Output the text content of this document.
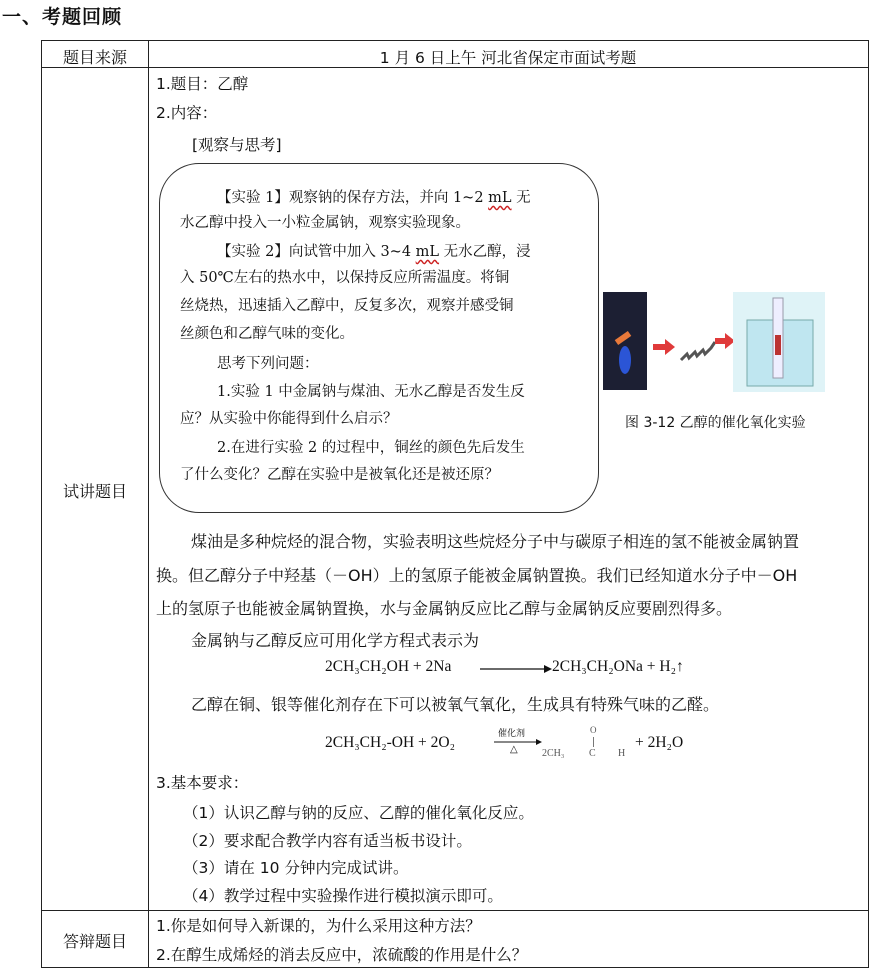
一、考题回顾
题目来源	1 月 6 日上午 河北省保定市面试考题
试讲题目
答辩题目
1.题目：乙醇
2.内容：
[观察与思考]
【实验 1】观察钠的保存方法，并向 1~2 mL 无
水乙醇中投入一小粒金属钠，观察实验现象。
【实验 2】向试管中加入 3~4 mL 无水乙醇，浸
入 50℃左右的热水中，以保持反应所需温度。将铜
丝烧热，迅速插入乙醇中，反复多次，观察并感受铜
丝颜色和乙醇气味的变化。
思考下列问题：
1.实验 1 中金属钠与煤油、无水乙醇是否发生反
应？从实验中你能得到什么启示？
2.在进行实验 2 的过程中，铜丝的颜色先后发生
了什么变化？乙醇在实验中是被氧化还是被还原？
图 3-12 乙醇的催化氧化实验
煤油是多种烷烃的混合物，实验表明这些烷烃分子中与碳原子相连的氢不能被金属钠置
换。但乙醇分子中羟基（－OH）上的氢原子能被金属钠置换。我们已经知道水分子中－OH
上的氢原子也能被金属钠置换，水与金属钠反应比乙醇与金属钠反应要剧烈得多。
金属钠与乙醇反应可用化学方程式表示为
2CH₃CH₂OH + 2Na	2CH₃CH₂ONa + H₂↑
乙醇在铜、银等催化剂存在下可以被氧气氧化，生成具有特殊气味的乙醛。
2CH₃CH₂-OH + 2O₂
催化剂
△ 2CH₃
O
C H
+ 2H₂O
3.基本要求：
（1）认识乙醇与钠的反应、乙醇的催化氧化反应。
（2）要求配合教学内容有适当板书设计。
（3）请在 10 分钟内完成试讲。
（4）教学过程中实验操作进行模拟演示即可。
1.你是如何导入新课的，为什么采用这种方法？
2.在醇生成烯烃的消去反应中，浓硫酸的作用是什么？
